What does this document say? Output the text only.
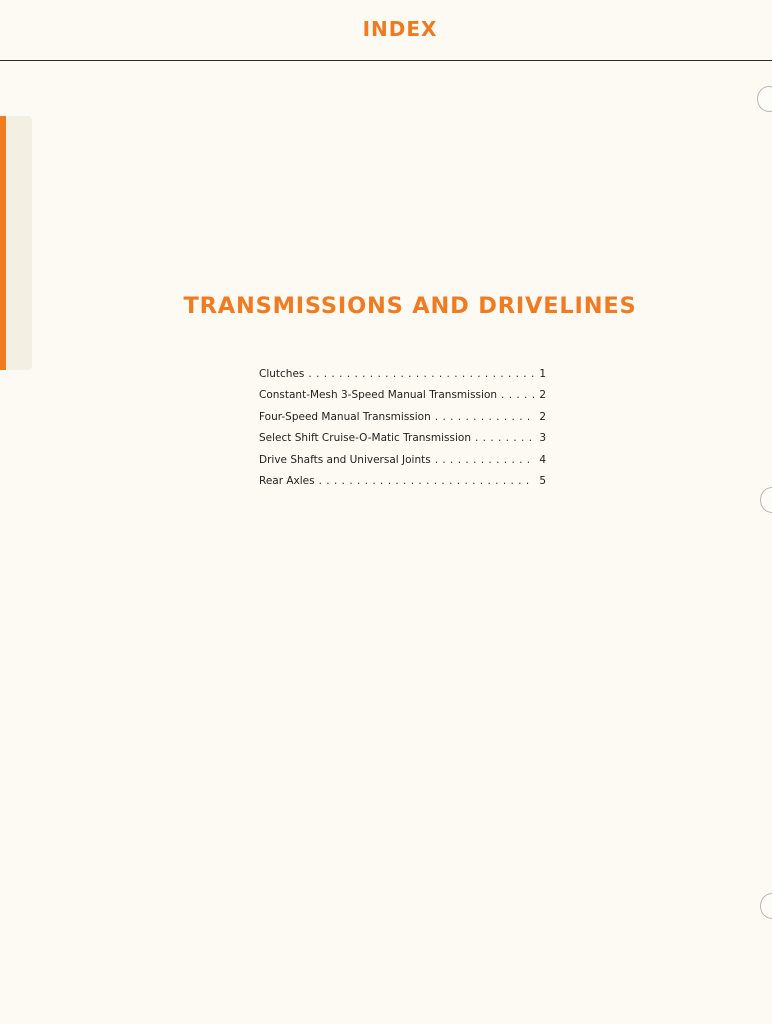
INDEX
TRANSMISSIONS AND DRIVELINES
Clutches . . .	1
Constant-Mesh 3-Speed Manual Transmission . . .	2
Four-Speed Manual Transmission . . .	2
Select Shift Cruise-O-Matic Transmission . . .	3
Drive Shafts and Universal Joints . . .	4
Rear Axles . . .	5
